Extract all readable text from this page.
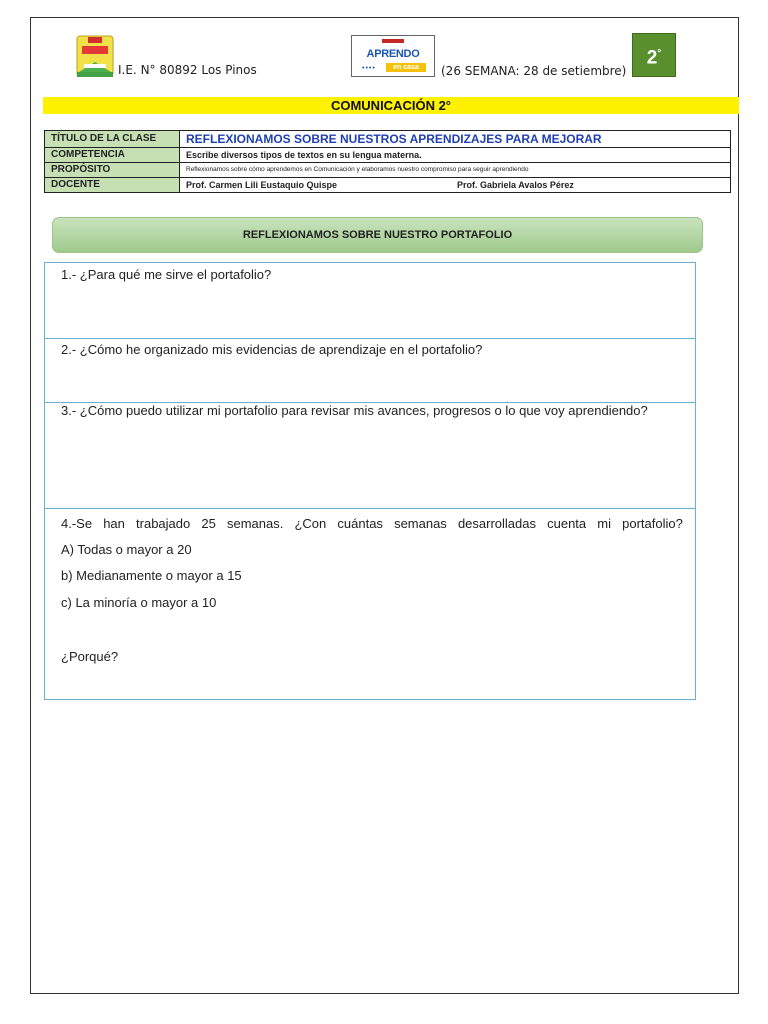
I.E. N° 80892 Los Pinos
APRENDO
••••	en casa	(26 SEMANA: 28 de setiembre)
2°
COMUNICACIÓN 2°
TÍTULO DE LA CLASE	REFLEXIONAMOS SOBRE NUESTROS APRENDIZAJES PARA MEJORAR
COMPETENCIA	Escribe diversos tipos de textos en su lengua materna.
PROPÓSITO	Reflexionamos sobre cómo aprendemos en Comunicación y elaboramos nuestro compromiso para seguir aprendiendo
DOCENTE	Prof. Carmen Lili Eustaquio Quispe Prof. Gabriela Avalos Pérez
REFLEXIONAMOS SOBRE NUESTRO PORTAFOLIO
1.- ¿Para qué me sirve el portafolio?
2.- ¿Cómo he organizado mis evidencias de aprendizaje en el portafolio?
3.- ¿Cómo puedo utilizar mi portafolio para revisar mis avances, progresos o lo que voy aprendiendo?
4.-Se han trabajado 25 semanas. ¿Con cuántas semanas desarrolladas cuenta mi portafolio?
A) Todas o mayor a 20
b) Medianamente o mayor a 15
c) La minoría o mayor a 10
¿Porqué?
